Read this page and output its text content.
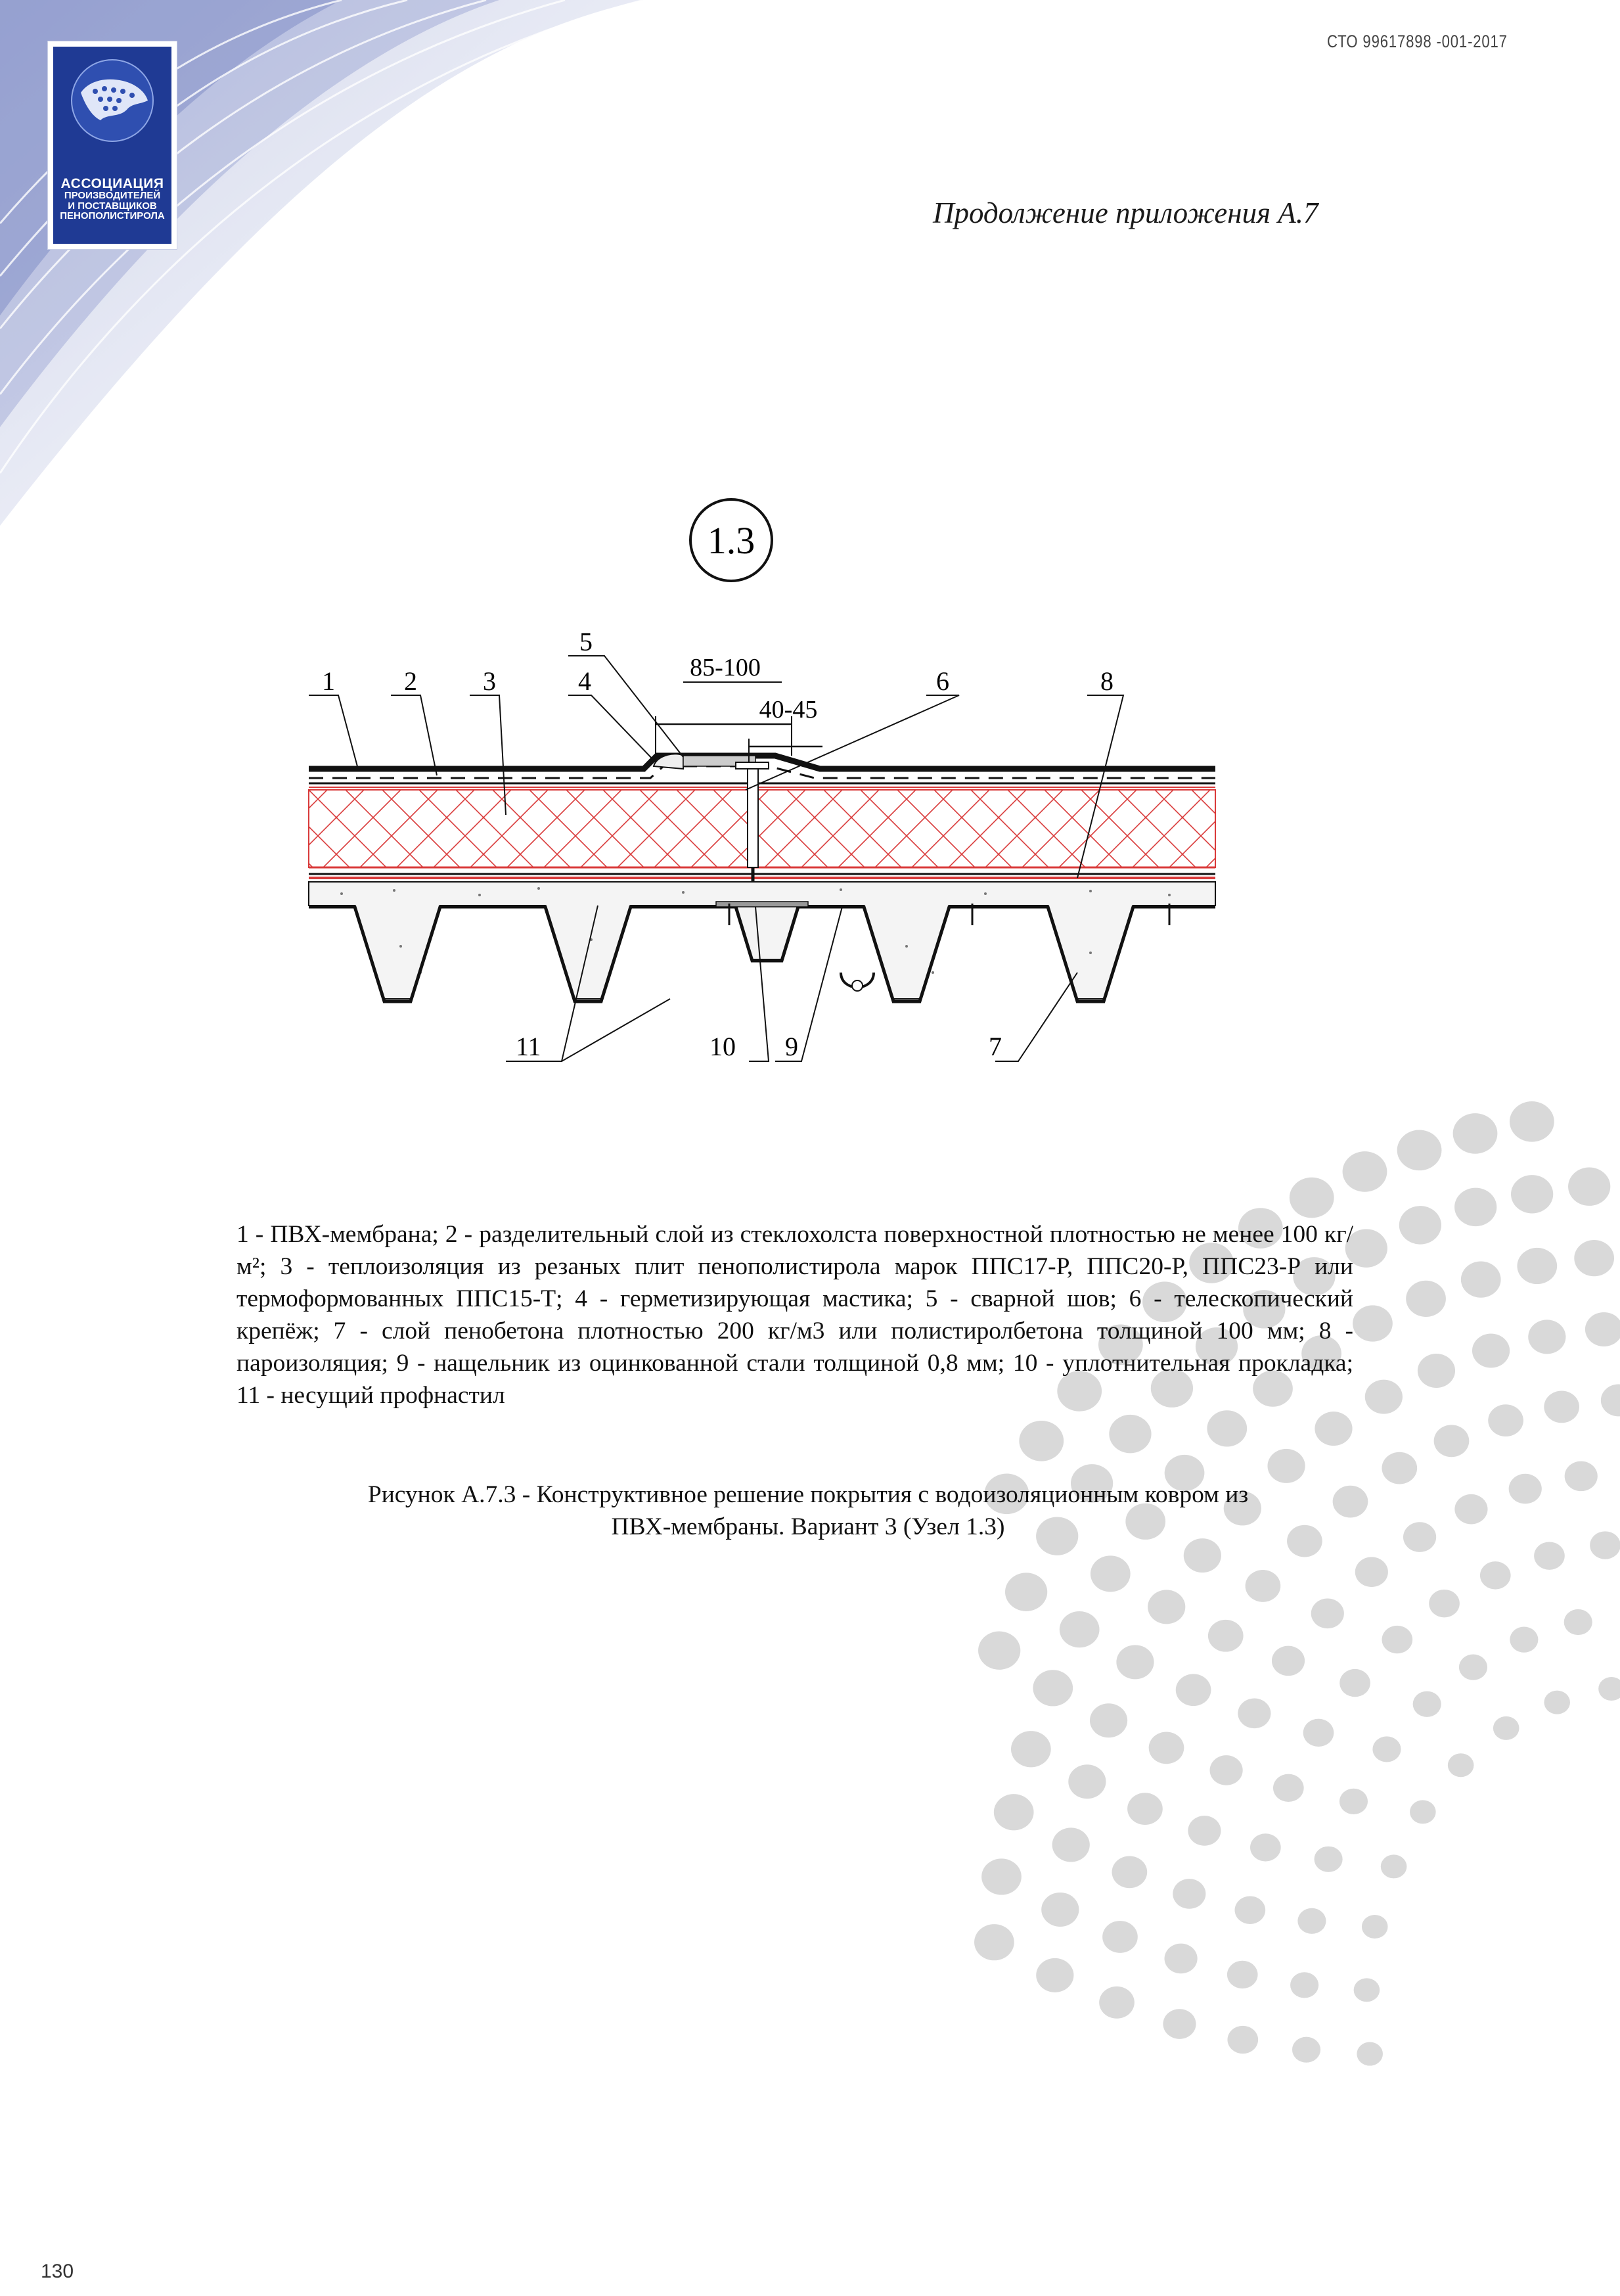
АССОЦИАЦИЯ
ПРОИЗВОДИТЕЛЕЙ
И ПОСТАВЩИКОВ
ПЕНОПОЛИСТИРОЛА
СТО 99617898 -001-2017
Продолжение приложения А.7
1.3
85-100
40-45
1	2	3	4
5
6	8
11	10 9	7
1 - ПВХ-мембрана; 2 - разделительный слой из стеклохолста поверхностной плотностью не менее 100 кг/м²; 3 - теплоизоляция из резаных плит пенополистирола марок ППС17-Р, ППС20-Р, ППС23-Р или термоформованных ППС15-Т; 4 - герметизирующая мастика; 5 - сварной шов; 6 - телескопический крепёж; 7 - слой пенобетона плотностью 200 кг/м3 или полистиролбетона толщиной 100 мм; 8 - пароизоляция; 9 - нащельник из оцинкованной стали толщиной 0,8 мм; 10 - уплотнительная прокладка; 11 - несущий профнастил
Рисунок А.7.3 - Конструктивное решение покрытия с водоизоляционным ковром из
ПВХ-мембраны. Вариант 3 (Узел 1.3)
130
